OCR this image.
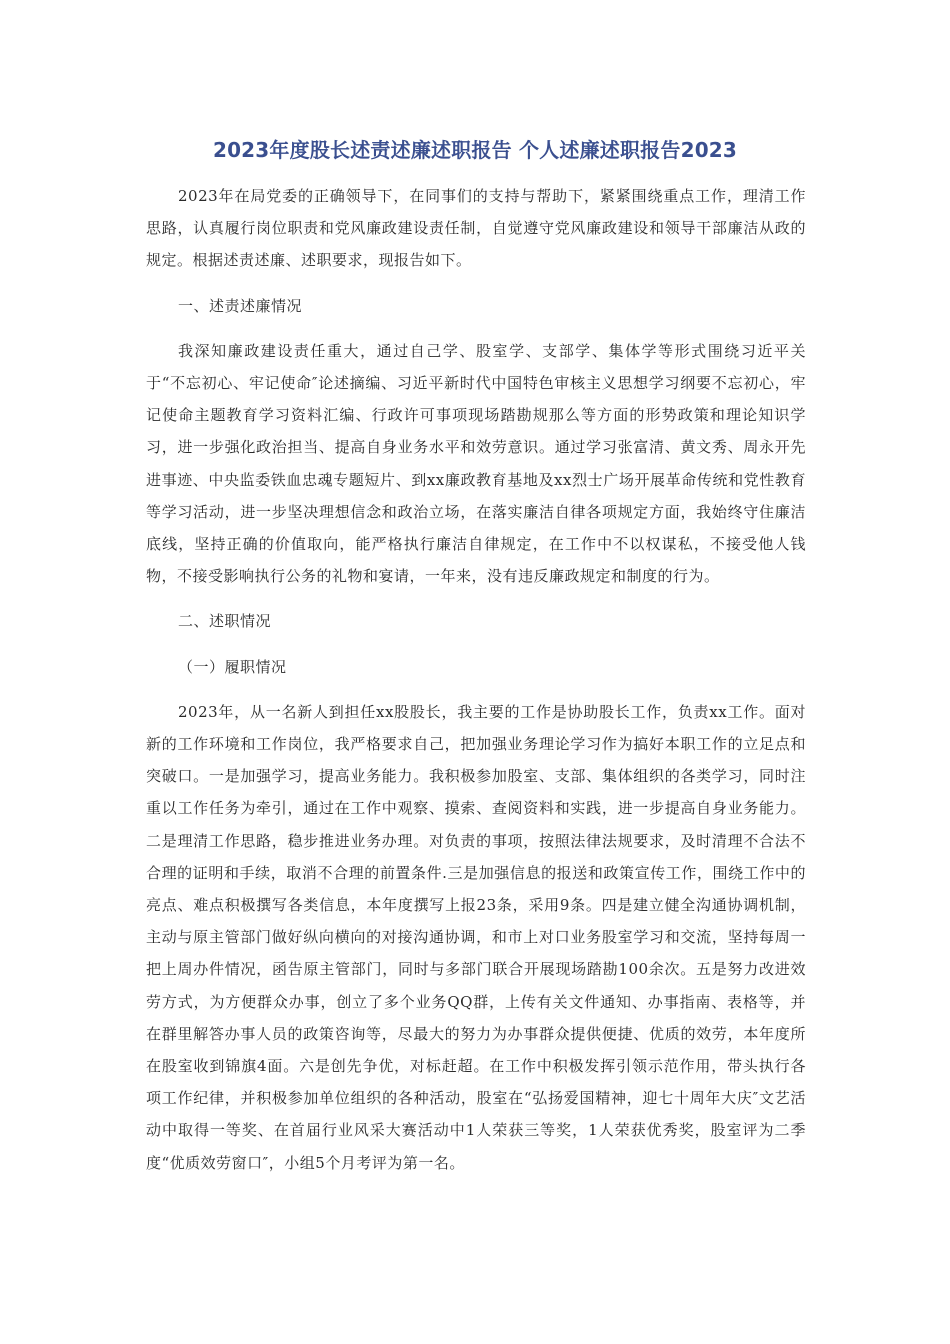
2023年度股长述责述廉述职报告 个人述廉述职报告2023

2023年在局党委的正确领导下，在同事们的支持与帮助下，紧紧围绕重点工作，理清工作思路，认真履行岗位职责和党风廉政建设责任制，自觉遵守党风廉政建设和领导干部廉洁从政的规定。根据述责述廉、述职要求，现报告如下。

一、述责述廉情况

我深知廉政建设责任重大，通过自己学、股室学、支部学、集体学等形式围绕习近平关于“不忘初心、牢记使命″论述摘编、习近平新时代中国特色审核主义思想学习纲要不忘初心，牢记使命主题教育学习资料汇编、行政许可事项现场踏勘规那么等方面的形势政策和理论知识学习，进一步强化政治担当、提高自身业务水平和效劳意识。通过学习张富清、黄文秀、周永开先进事迹、中央监委铁血忠魂专题短片、到xx廉政教育基地及xx烈士广场开展革命传统和党性教育等学习活动，进一步坚决理想信念和政治立场，在落实廉洁自律各项规定方面，我始终守住廉洁底线，坚持正确的价值取向，能严格执行廉洁自律规定，在工作中不以权谋私，不接受他人钱物，不接受影响执行公务的礼物和宴请，一年来，没有违反廉政规定和制度的行为。

二、述职情况

（一）履职情况

2023年，从一名新人到担任xx股股长，我主要的工作是协助股长工作，负责xx工作。面对新的工作环境和工作岗位，我严格要求自己，把加强业务理论学习作为搞好本职工作的立足点和突破口。一是加强学习，提高业务能力。我积极参加股室、支部、集体组织的各类学习，同时注重以工作任务为牵引，通过在工作中观察、摸索、查阅资料和实践，进一步提高自身业务能力。二是理清工作思路，稳步推进业务办理。对负责的事项，按照法律法规要求，及时清理不合法不合理的证明和手续，取消不合理的前置条件.三是加强信息的报送和政策宣传工作，围绕工作中的亮点、难点积极撰写各类信息，本年度撰写上报23条，采用9条。四是建立健全沟通协调机制，主动与原主管部门做好纵向横向的对接沟通协调，和市上对口业务股室学习和交流，坚持每周一把上周办件情况，函告原主管部门，同时与多部门联合开展现场踏勘100余次。五是努力改进效劳方式，为方便群众办事，创立了多个业务QQ群，上传有关文件通知、办事指南、表格等，并在群里解答办事人员的政策咨询等，尽最大的努力为办事群众提供便捷、优质的效劳，本年度所在股室收到锦旗4面。六是创先争优，对标赶超。在工作中积极发挥引领示范作用，带头执行各项工作纪律，并积极参加单位组织的各种活动，股室在“弘扬爱国精神，迎七十周年大庆″文艺活动中取得一等奖、在首届行业风采大赛活动中1人荣获三等奖，1人荣获优秀奖，股室评为二季度“优质效劳窗口″，小组5个月考评为第一名。
